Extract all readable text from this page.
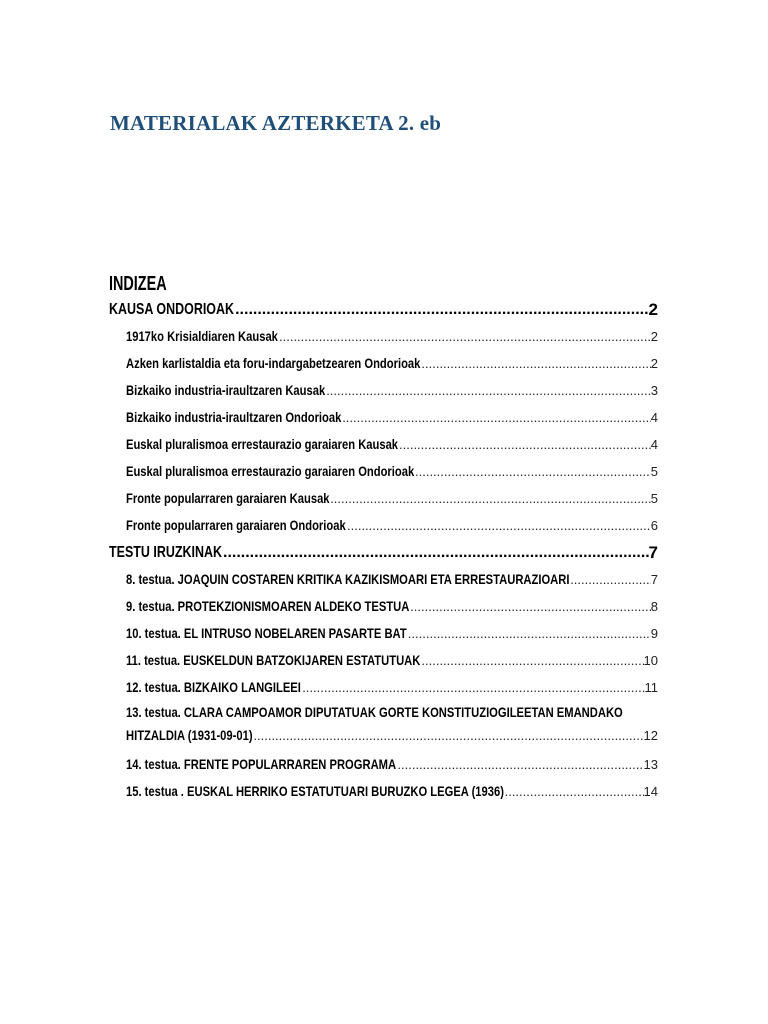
MATERIALAK AZTERKETA 2. eb
INDIZEA
KAUSA ONDORIOAK .....	2
1917ko Krisialdiaren Kausak .....	2
Azken karlistaldia eta foru-indargabetzearen Ondorioak .....	2
Bizkaiko industria-iraultzaren Kausak .....	3
Bizkaiko industria-iraultzaren Ondorioak .....	4
Euskal pluralismoa errestaurazio garaiaren Kausak .....	4
Euskal pluralismoa errestaurazio garaiaren Ondorioak .....	5
Fronte popularraren garaiaren Kausak .....	5
Fronte popularraren garaiaren Ondorioak .....	6
TESTU IRUZKINAK .....	7
8. testua. JOAQUIN COSTAREN KRITIKA KAZIKISMOARI ETA ERRESTAURAZIOARI .....	7
9. testua. PROTEKZIONISMOAREN ALDEKO TESTUA .....	8
10. testua. EL INTRUSO NOBELAREN PASARTE BAT .....	9
11. testua. EUSKELDUN BATZOKIJAREN ESTATUTUAK .....	10
12. testua. BIZKAIKO LANGILEEI .....	11
13. testua. CLARA CAMPOAMOR DIPUTATUAK GORTE KONSTITUZIOGILEETAN EMANDAKO
HITZALDIA (1931-09-01) .....	12
14. testua. FRENTE POPULARRAREN PROGRAMA .....	13
15. testua . EUSKAL HERRIKO ESTATUTUARI BURUZKO LEGEA (1936) .....	14
